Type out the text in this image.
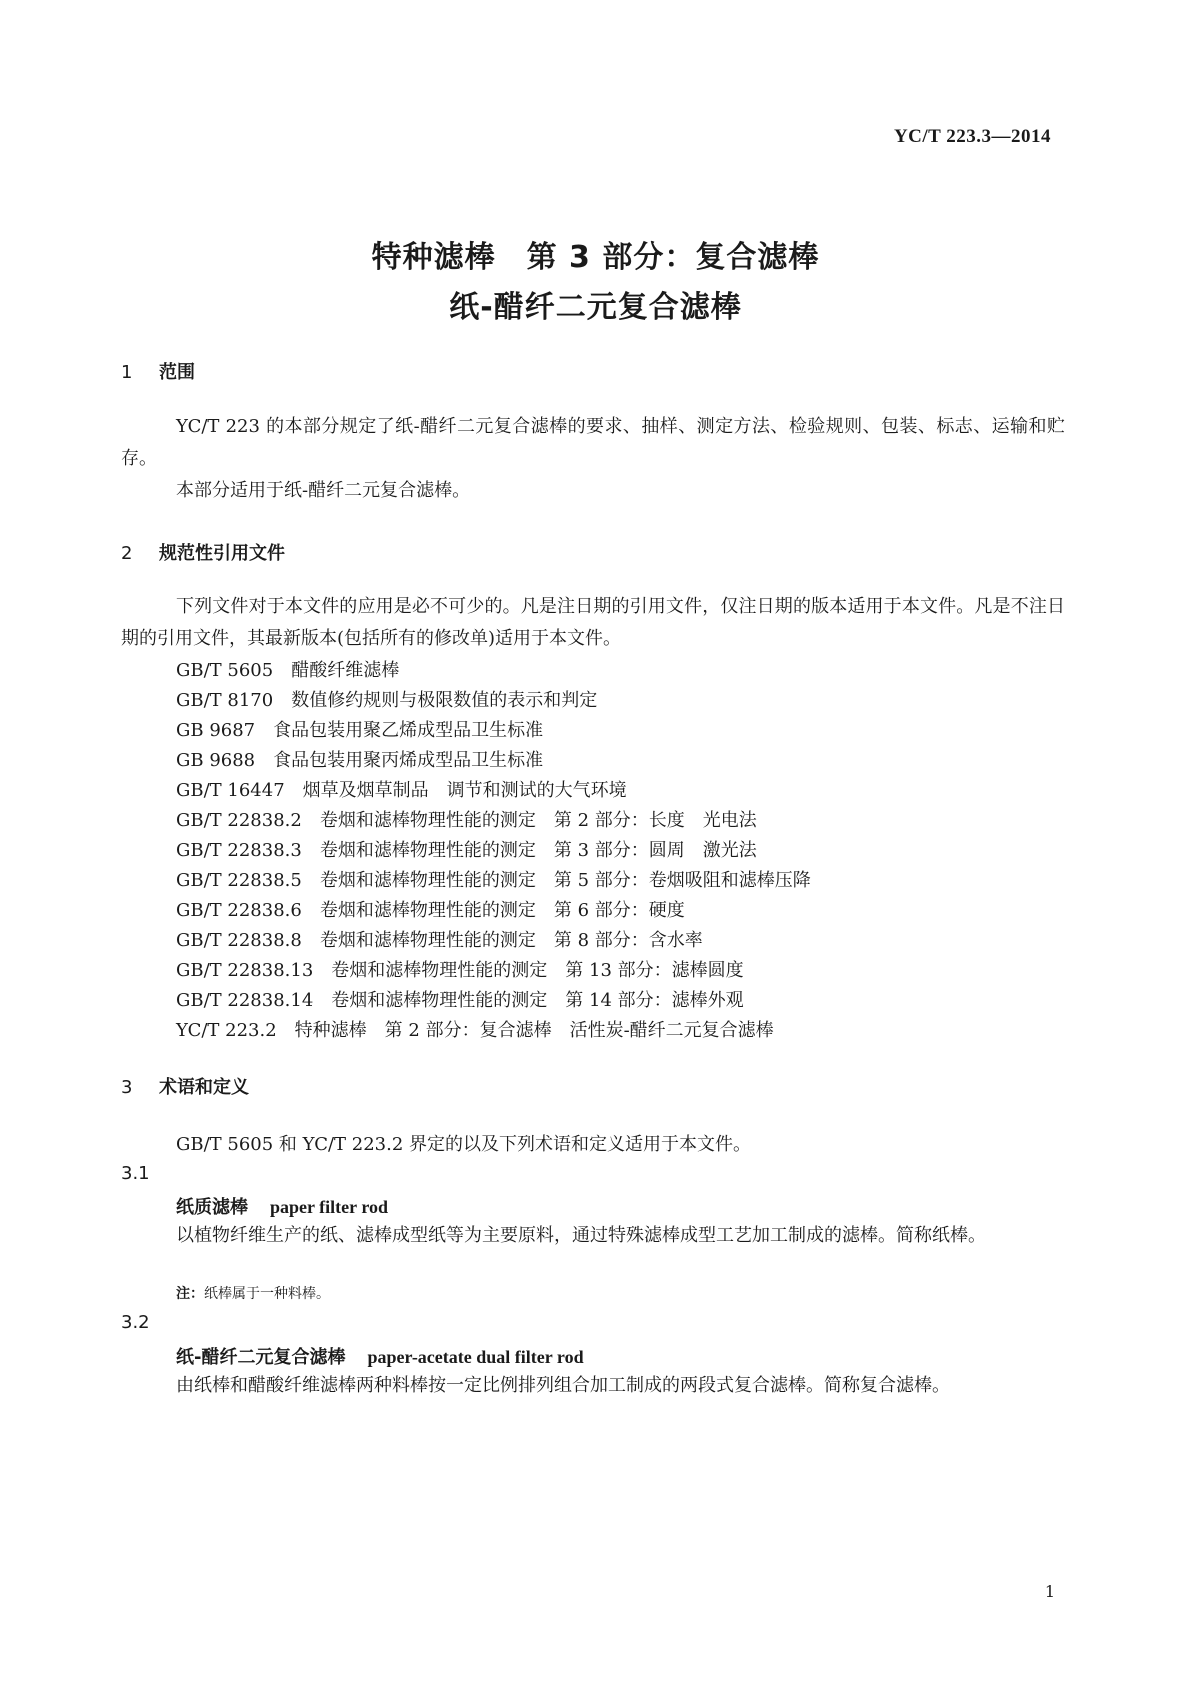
YC/T 223.3—2014
特种滤棒　第 3 部分：复合滤棒
纸-醋纤二元复合滤棒
1 范围
YC/T 223 的本部分规定了纸-醋纤二元复合滤棒的要求、抽样、测定方法、检验规则、包装、标志、运输和贮存。
本部分适用于纸-醋纤二元复合滤棒。
2 规范性引用文件
下列文件对于本文件的应用是必不可少的。凡是注日期的引用文件，仅注日期的版本适用于本文件。凡是不注日期的引用文件，其最新版本(包括所有的修改单)适用于本文件。
GB/T 5605 醋酸纤维滤棒
GB/T 8170 数值修约规则与极限数值的表示和判定
GB 9687 食品包装用聚乙烯成型品卫生标准
GB 9688 食品包装用聚丙烯成型品卫生标准
GB/T 16447 烟草及烟草制品　调节和测试的大气环境
GB/T 22838.2 卷烟和滤棒物理性能的测定　第 2 部分：长度　光电法
GB/T 22838.3 卷烟和滤棒物理性能的测定　第 3 部分：圆周　激光法
GB/T 22838.5 卷烟和滤棒物理性能的测定　第 5 部分：卷烟吸阻和滤棒压降
GB/T 22838.6 卷烟和滤棒物理性能的测定　第 6 部分：硬度
GB/T 22838.8 卷烟和滤棒物理性能的测定　第 8 部分：含水率
GB/T 22838.13 卷烟和滤棒物理性能的测定　第 13 部分：滤棒圆度
GB/T 22838.14 卷烟和滤棒物理性能的测定　第 14 部分：滤棒外观
YC/T 223.2 特种滤棒　第 2 部分：复合滤棒　活性炭-醋纤二元复合滤棒
3 术语和定义
GB/T 5605 和 YC/T 223.2 界定的以及下列术语和定义适用于本文件。
3.1
纸质滤棒 paper filter rod
以植物纤维生产的纸、滤棒成型纸等为主要原料，通过特殊滤棒成型工艺加工制成的滤棒。简称纸棒。
注：纸棒属于一种料棒。
3.2
纸-醋纤二元复合滤棒 paper-acetate dual filter rod
由纸棒和醋酸纤维滤棒两种料棒按一定比例排列组合加工制成的两段式复合滤棒。简称复合滤棒。
1
